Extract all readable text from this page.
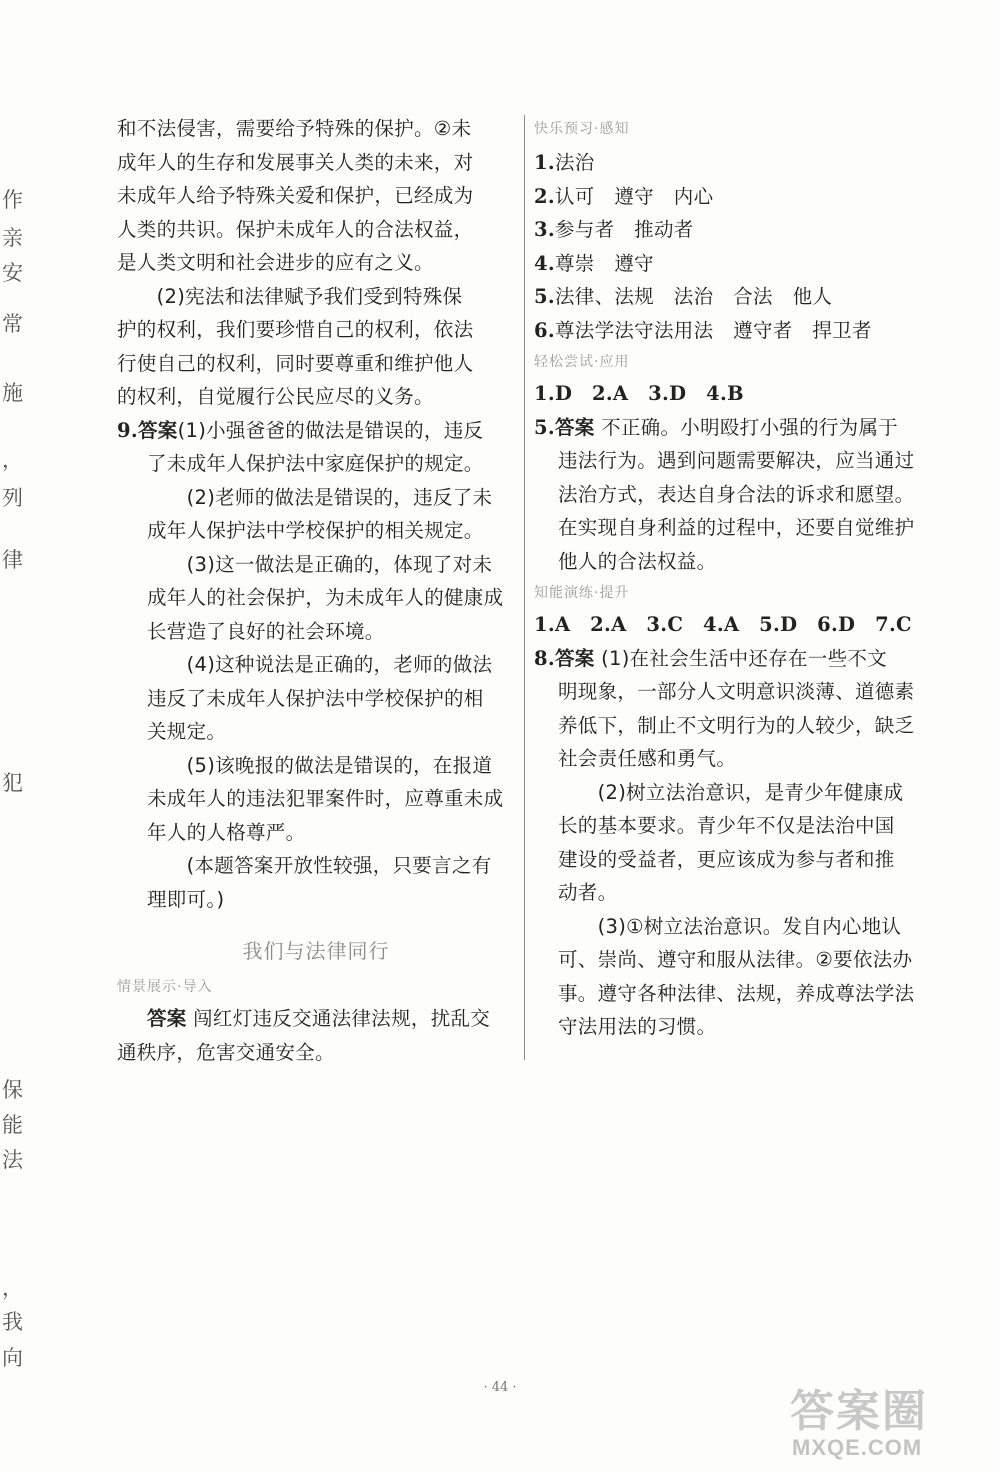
作
亲
安
常
施
，
列
律
犯
保
能
法
，
我
向
和不法侵害，需要给予特殊的保护。②未
成年人的生存和发展事关人类的未来，对
未成年人给予特殊关爱和保护，已经成为
人类的共识。保护未成年人的合法权益，
是人类文明和社会进步的应有之义。
　　(2)宪法和法律赋予我们受到特殊保
护的权利，我们要珍惜自己的权利，依法
行使自己的权利，同时要尊重和维护他人
的权利，自觉履行公民应尽的义务。
9.答案(1)小强爸爸的做法是错误的，违反
了未成年人保护法中家庭保护的规定。
　　(2)老师的做法是错误的，违反了未
成年人保护法中学校保护的相关规定。
　　(3)这一做法是正确的，体现了对未
成年人的社会保护，为未成年人的健康成
长营造了良好的社会环境。
　　(4)这种说法是正确的，老师的做法
违反了未成年人保护法中学校保护的相
关规定。
　　(5)该晚报的做法是错误的，在报道
未成年人的违法犯罪案件时，应尊重未成
年人的人格尊严。
　　(本题答案开放性较强，只要言之有
理即可。)
我们与法律同行
情景展示·导入
答案 闯红灯违反交通法律法规，扰乱交
通秩序，危害交通安全。
快乐预习·感知
1.法治
2.认可　遵守　内心
3.参与者　推动者
4.尊崇　遵守
5.法律、法规　法治　合法　他人
6.尊法学法守法用法　遵守者　捍卫者
轻松尝试·应用
1.D　2.A　3.D　4.B
5.答案 不正确。小明殴打小强的行为属于
违法行为。遇到问题需要解决，应当通过
法治方式，表达自身合法的诉求和愿望。
在实现自身利益的过程中，还要自觉维护
他人的合法权益。
知能演练·提升
1.A　2.A　3.C　4.A　5.D　6.D　7.C
8.答案 (1)在社会生活中还存在一些不文
明现象，一部分人文明意识淡薄、道德素
养低下，制止不文明行为的人较少，缺乏
社会责任感和勇气。
　　(2)树立法治意识，是青少年健康成
长的基本要求。青少年不仅是法治中国
建设的受益者，更应该成为参与者和推
动者。
　　(3)①树立法治意识。发自内心地认
可、崇尚、遵守和服从法律。②要依法办
事。遵守各种法律、法规，养成尊法学法
守法用法的习惯。
· 44 ·	答案圈
MXQE.COM
